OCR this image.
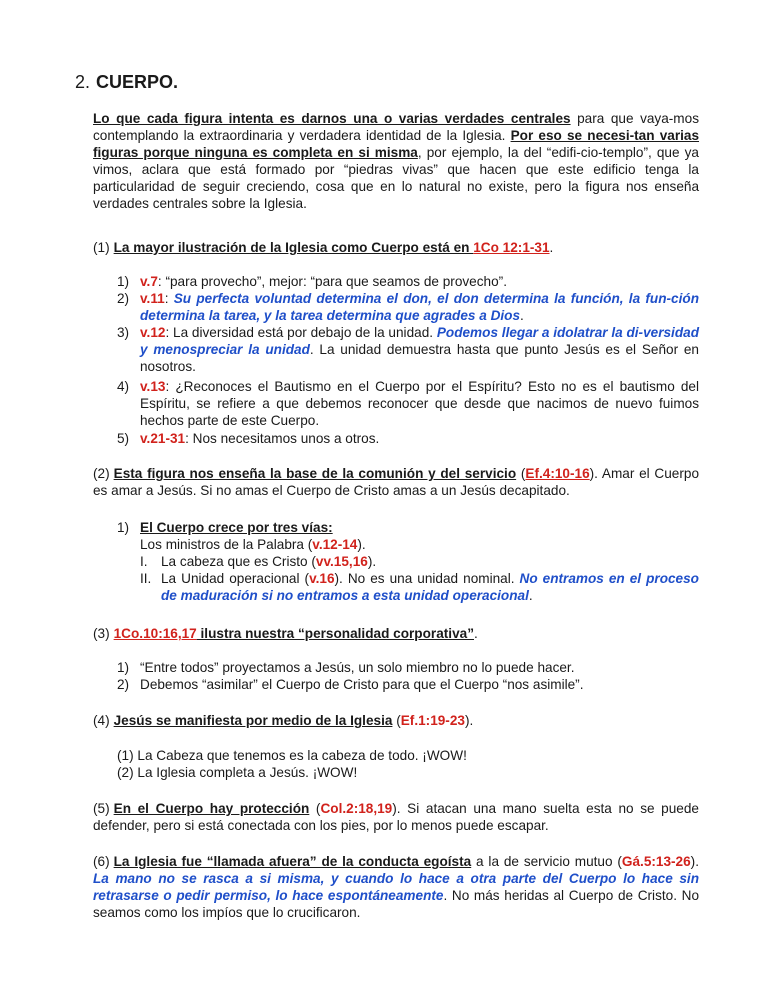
2. CUERPO.
Lo que cada figura intenta es darnos una o varias verdades centrales para que vaya-mos contemplando la extraordinaria y verdadera identidad de la Iglesia. Por eso se necesi-tan varias figuras porque ninguna es completa en si misma, por ejemplo, la del “edifi-cio-templo”, que ya vimos, aclara que está formado por “piedras vivas” que hacen que este edificio tenga la particularidad de seguir creciendo, cosa que en lo natural no existe, pero la figura nos enseña verdades centrales sobre la Iglesia.
(1) La mayor ilustración de la Iglesia como Cuerpo está en 1Co 12:1-31.
1) v.7: “para provecho”, mejor: “para que seamos de provecho”.
2) v.11: Su perfecta voluntad determina el don, el don determina la función, la fun-ción determina la tarea, y la tarea determina que agrades a Dios.
3) v.12: La diversidad está por debajo de la unidad. Podemos llegar a idolatrar la di-versidad y menospreciar la unidad. La unidad demuestra hasta que punto Jesús es el Señor en nosotros.
4) v.13: ¿Reconoces el Bautismo en el Cuerpo por el Espíritu? Esto no es el bautismo del Espíritu, se refiere a que debemos reconocer que desde que nacimos de nuevo fuimos hechos parte de este Cuerpo.
5) v.21-31: Nos necesitamos unos a otros.
(2) Esta figura nos enseña la base de la comunión y del servicio (Ef.4:10-16). Amar el Cuerpo es amar a Jesús. Si no amas el Cuerpo de Cristo amas a un Jesús decapitado.
1) El Cuerpo crece por tres vías:
Los ministros de la Palabra (v.12-14).
I. La cabeza que es Cristo (vv.15,16).
II. La Unidad operacional (v.16). No es una unidad nominal. No entramos en el proceso de maduración si no entramos a esta unidad operacional.
(3) 1Co.10:16,17 ilustra nuestra “personalidad corporativa”.
1) “Entre todos” proyectamos a Jesús, un solo miembro no lo puede hacer.
2) Debemos “asimilar” el Cuerpo de Cristo para que el Cuerpo “nos asimile”.
(4) Jesús se manifiesta por medio de la Iglesia (Ef.1:19-23).
(1) La Cabeza que tenemos es la cabeza de todo. ¡WOW!
(2) La Iglesia completa a Jesús. ¡WOW!
(5) En el Cuerpo hay protección (Col.2:18,19). Si atacan una mano suelta esta no se puede defender, pero si está conectada con los pies, por lo menos puede escapar.
(6) La Iglesia fue “llamada afuera” de la conducta egoísta a la de servicio mutuo (Gá.5:13-26). La mano no se rasca a si misma, y cuando lo hace a otra parte del Cuerpo lo hace sin retrasarse o pedir permiso, lo hace espontáneamente. No más heridas al Cuerpo de Cristo. No seamos como los impíos que lo crucificaron.
